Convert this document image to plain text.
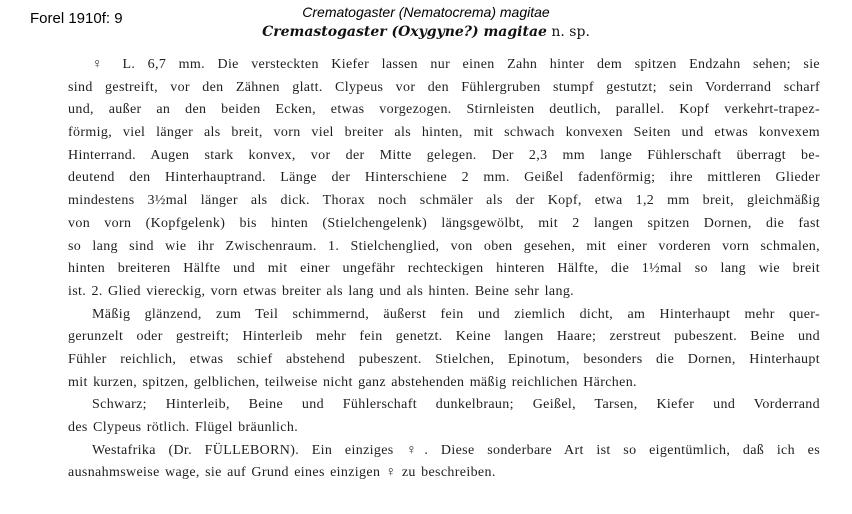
Forel 1910f: 9	Crematogaster (Nematocrema) magitae
Cremastogaster (Oxygyne?) magitae n. sp.
♀ L. 6,7 mm. Die versteckten Kiefer lassen nur einen Zahn hinter dem spitzen Endzahn sehen; sie
sind gestreift, vor den Zähnen glatt. Clypeus vor den Fühlergruben stumpf gestutzt; sein Vorderrand scharf
und, außer an den beiden Ecken, etwas vorgezogen. Stirnleisten deutlich, parallel. Kopf verkehrt-trapez-
förmig, viel länger als breit, vorn viel breiter als hinten, mit schwach konvexen Seiten und etwas konvexem
Hinterrand. Augen stark konvex, vor der Mitte gelegen. Der 2,3 mm lange Fühlerschaft überragt be-
deutend den Hinterhauptrand. Länge der Hinterschiene 2 mm. Geißel fadenförmig; ihre mittleren Glieder
mindestens 3½mal länger als dick. Thorax noch schmäler als der Kopf, etwa 1,2 mm breit, gleichmäßig
von vorn (Kopfgelenk) bis hinten (Stielchengelenk) längsgewölbt, mit 2 langen spitzen Dornen, die fast
so lang sind wie ihr Zwischenraum. 1. Stielchenglied, von oben gesehen, mit einer vorderen vorn schmalen,
hinten breiteren Hälfte und mit einer ungefähr rechteckigen hinteren Hälfte, die 1½mal so lang wie breit
ist. 2. Glied viereckig, vorn etwas breiter als lang und als hinten. Beine sehr lang.
Mäßig glänzend, zum Teil schimmernd, äußerst fein und ziemlich dicht, am Hinterhaupt mehr quer-
gerunzelt oder gestreift; Hinterleib mehr fein genetzt. Keine langen Haare; zerstreut pubeszent. Beine und
Fühler reichlich, etwas schief abstehend pubeszent. Stielchen, Epinotum, besonders die Dornen, Hinterhaupt
mit kurzen, spitzen, gelblichen, teilweise nicht ganz abstehenden mäßig reichlichen Härchen.
Schwarz; Hinterleib, Beine und Fühlerschaft dunkelbraun; Geißel, Tarsen, Kiefer und Vorderrand
des Clypeus rötlich. Flügel bräunlich.
Westafrika (Dr. FÜLLEBORN). Ein einziges ♀. Diese sonderbare Art ist so eigentümlich, daß ich es
ausnahmsweise wage, sie auf Grund eines einzigen ♀ zu beschreiben.
